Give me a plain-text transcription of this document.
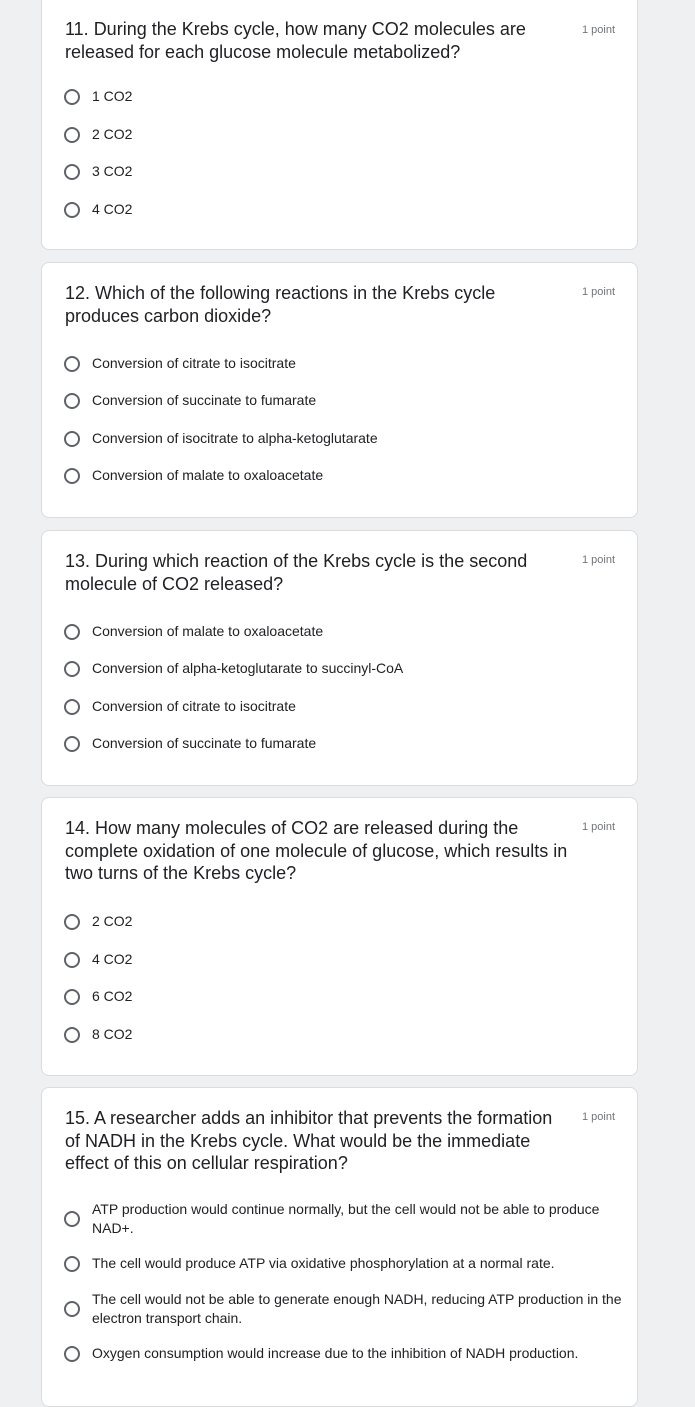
11. During the Krebs cycle, how many CO2 molecules are released for each glucose molecule metabolized?
1 point
1 CO2
2 CO2
3 CO2
4 CO2
12. Which of the following reactions in the Krebs cycle produces carbon dioxide?
1 point
Conversion of citrate to isocitrate
Conversion of succinate to fumarate
Conversion of isocitrate to alpha-ketoglutarate
Conversion of malate to oxaloacetate
13. During which reaction of the Krebs cycle is the second molecule of CO2 released?
1 point
Conversion of malate to oxaloacetate
Conversion of alpha-ketoglutarate to succinyl-CoA
Conversion of citrate to isocitrate
Conversion of succinate to fumarate
14. How many molecules of CO2 are released during the complete oxidation of one molecule of glucose, which results in two turns of the Krebs cycle?
1 point
2 CO2
4 CO2
6 CO2
8 CO2
15. A researcher adds an inhibitor that prevents the formation of NADH in the Krebs cycle. What would be the immediate effect of this on cellular respiration?
1 point
ATP production would continue normally, but the cell would not be able to produce NAD+.
The cell would produce ATP via oxidative phosphorylation at a normal rate.
The cell would not be able to generate enough NADH, reducing ATP production in the electron transport chain.
Oxygen consumption would increase due to the inhibition of NADH production.
